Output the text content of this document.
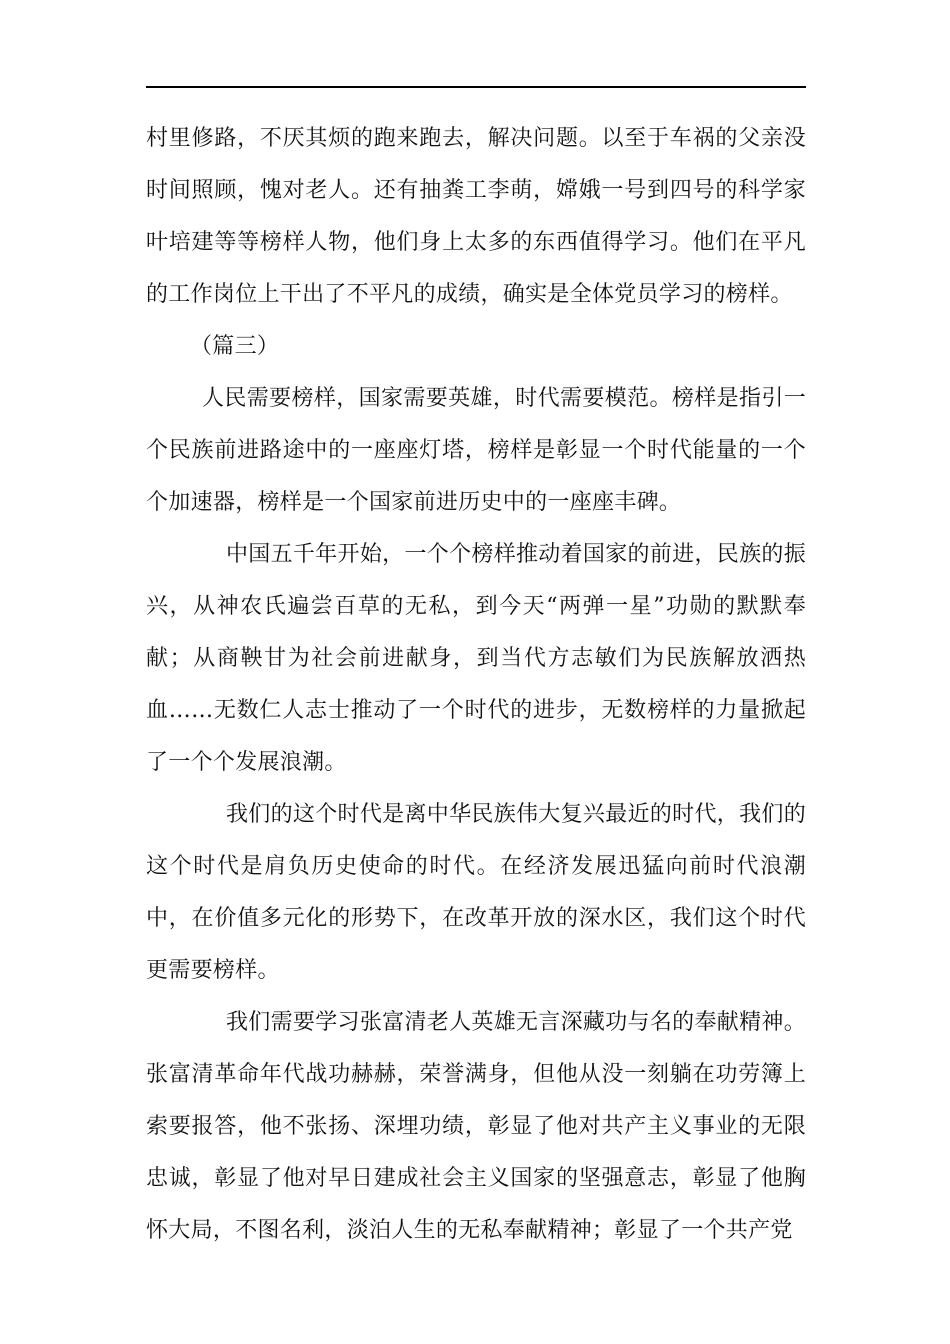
村里修路，不厌其烦的跑来跑去，解决问题。以至于车祸的父亲没时间照顾，愧对老人。还有抽粪工李萌，嫦娥一号到四号的科学家叶培建等等榜样人物，他们身上太多的东西值得学习。他们在平凡的工作岗位上干出了不平凡的成绩，确实是全体党员学习的榜样。

（篇三）

人民需要榜样，国家需要英雄，时代需要模范。榜样是指引一个民族前进路途中的一座座灯塔，榜样是彰显一个时代能量的一个个加速器，榜样是一个国家前进历史中的一座座丰碑。

中国五千年开始，一个个榜样推动着国家的前进，民族的振兴，从神农氏遍尝百草的无私，到今天“两弹一星”功勋的默默奉献；从商鞅甘为社会前进献身，到当代方志敏们为民族解放洒热血……无数仁人志士推动了一个时代的进步，无数榜样的力量掀起了一个个发展浪潮。

我们的这个时代是离中华民族伟大复兴最近的时代，我们的这个时代是肩负历史使命的时代。在经济发展迅猛向前时代浪潮中，在价值多元化的形势下，在改革开放的深水区，我们这个时代更需要榜样。

我们需要学习张富清老人英雄无言深藏功与名的奉献精神。张富清革命年代战功赫赫，荣誉满身，但他从没一刻躺在功劳簿上索要报答，他不张扬、深埋功绩，彰显了他对共产主义事业的无限忠诚，彰显了他对早日建成社会主义国家的坚强意志，彰显了他胸怀大局，不图名利，淡泊人生的无私奉献精神；彰显了一个共产党
